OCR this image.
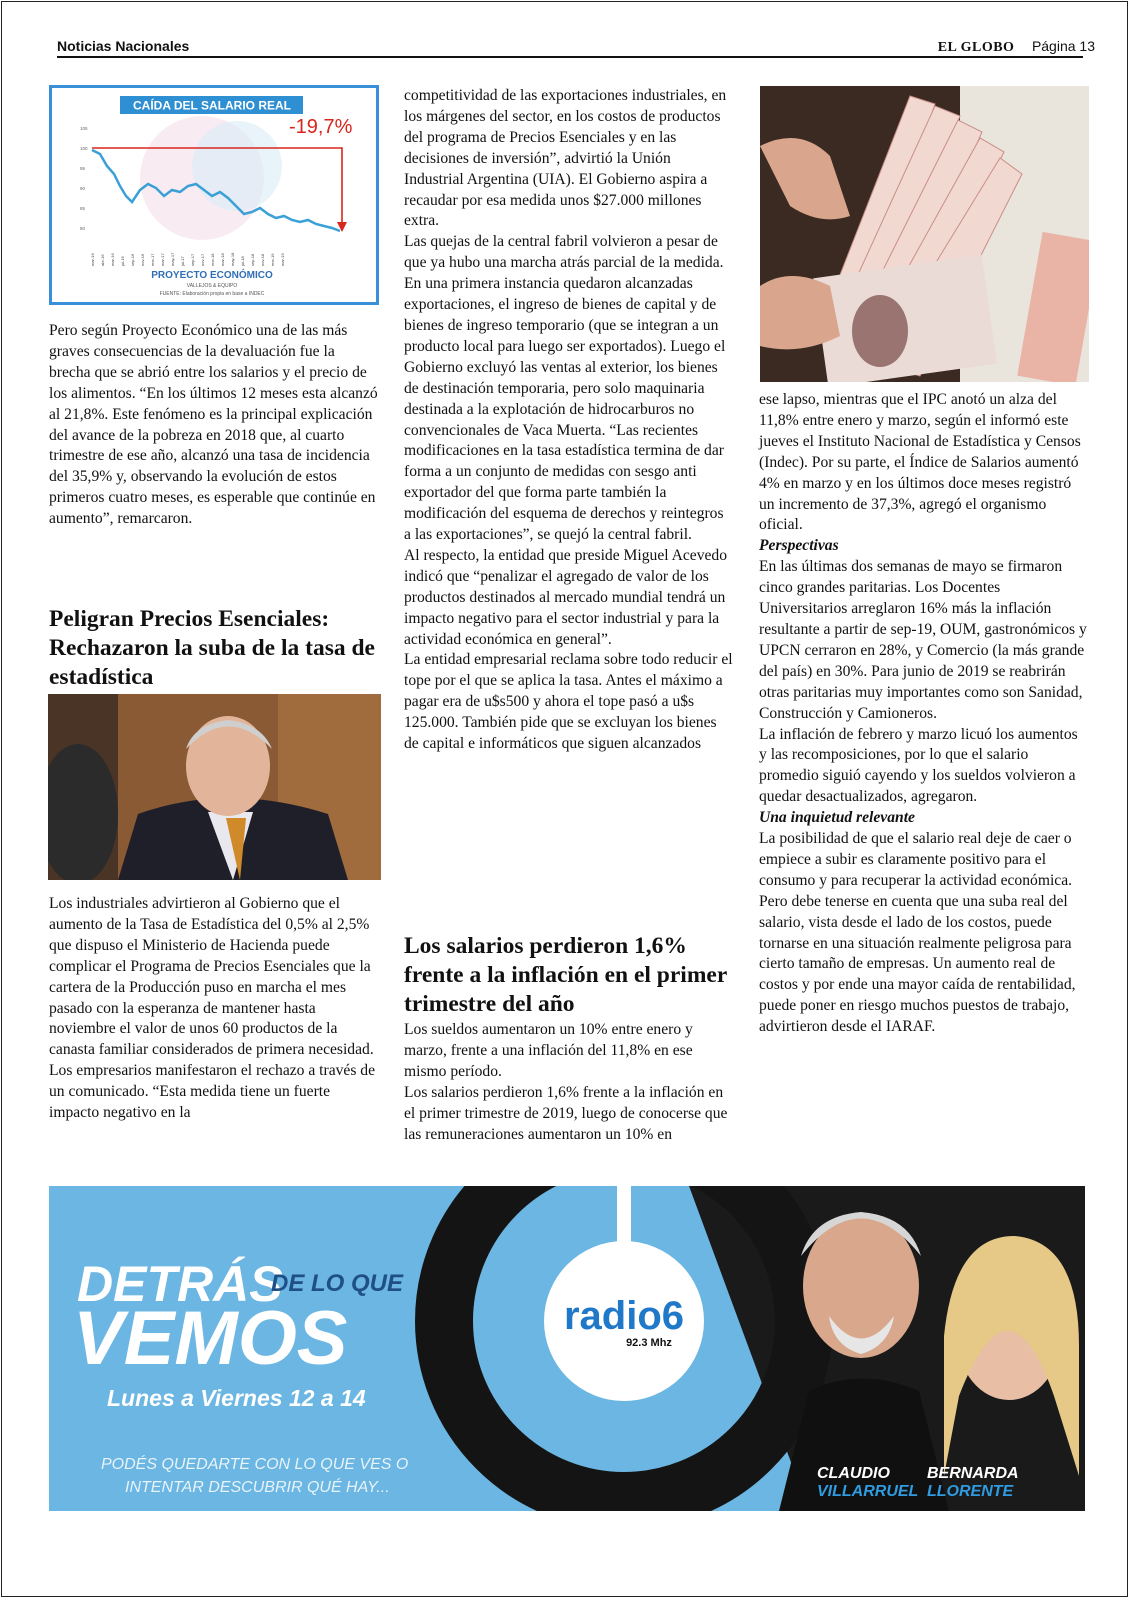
Noticias Nacionales	EL GLOBO Página 13
CAÍDA DEL SALARIO REAL
-19,7%
105
100
95
90
85
80
mar-16 abr-16 mar-16 jul-16 sep-16 nov-16 ene-17 mar-17 may-17 jul-17 sep-17 nov-17 ene-18 mar-18 may-18 jul-18 sep-18 nov-18 ene-19 mar-19
PROYECTO ECONÓMICO
VALLEJOS & EQUIPO
FUENTE: Elaboración propia en base a INDEC

Pero según Proyecto Económico una de las más graves consecuencias de la devaluación fue la brecha que se abrió entre los salarios y el precio de los alimentos. “En los últimos 12 meses esta alcanzó al 21,8%. Este fenómeno es la principal explicación del avance de la pobreza en 2018 que, al cuarto trimestre de ese año, alcanzó una tasa de incidencia del 35,9% y, observando la evolución de estos primeros cuatro meses, es esperable que continúe en aumento”, remarcaron.

Peligran Precios Esenciales: Rechazaron la suba de la tasa de estadística

Los industriales advirtieron al Gobierno que el aumento de la Tasa de Estadística del 0,5% al 2,5% que dispuso el Ministerio de Hacienda puede complicar el Programa de Precios Esenciales que la cartera de la Producción puso en marcha el mes pasado con la esperanza de mantener hasta noviembre el valor de unos 60 productos de la canasta familiar considerados de primera necesidad.

Los empresarios manifestaron el rechazo a través de un comunicado. “Esta medida tiene un fuerte impacto negativo en la

competitividad de las exportaciones industriales, en los márgenes del sector, en los costos de productos del programa de Precios Esenciales y en las decisiones de inversión”, advirtió la Unión Industrial Argentina (UIA). El Gobierno aspira a recaudar por esa medida unos $27.000 millones extra.

Las quejas de la central fabril volvieron a pesar de que ya hubo una marcha atrás parcial de la medida. En una primera instancia quedaron alcanzadas exportaciones, el ingreso de bienes de capital y de bienes de ingreso temporario (que se integran a un producto local para luego ser exportados). Luego el Gobierno excluyó las ventas al exterior, los bienes de destinación temporaria, pero solo maquinaria destinada a la explotación de hidrocarburos no convencionales de Vaca Muerta. “Las recientes modificaciones en la tasa estadística termina de dar forma a un conjunto de medidas con sesgo anti exportador del que forma parte también la modificación del esquema de derechos y reintegros a las exportaciones”, se quejó la central fabril.

Al respecto, la entidad que preside Miguel Acevedo indicó que “penalizar el agregado de valor de los productos destinados al mercado mundial tendrá un impacto negativo para el sector industrial y para la actividad económica en general”.

La entidad empresarial reclama sobre todo reducir el tope por el que se aplica la tasa. Antes el máximo a pagar era de u$s500 y ahora el tope pasó a u$s 125.000. También pide que se excluyan los bienes de capital e informáticos que siguen alcanzados

Los salarios perdieron 1,6% frente a la inflación en el primer trimestre del año

Los sueldos aumentaron un 10% entre enero y marzo, frente a una inflación del 11,8% en ese mismo período.

Los salarios perdieron 1,6% frente a la inflación en el primer trimestre de 2019, luego de conocerse que las remuneraciones aumentaron un 10% en

ese lapso, mientras que el IPC anotó un alza del 11,8% entre enero y marzo, según el informó este jueves el Instituto Nacional de Estadística y Censos (Indec). Por su parte, el Índice de Salarios aumentó 4% en marzo y en los últimos doce meses registró un incremento de 37,3%, agregó el organismo oficial.

Perspectivas

En las últimas dos semanas de mayo se firmaron cinco grandes paritarias. Los Docentes Universitarios arreglaron 16% más la inflación resultante a partir de sep-19, OUM, gastronómicos y UPCN cerraron en 28%, y Comercio (la más grande del país) en 30%. Para junio de 2019 se reabrirán otras paritarias muy importantes como son Sanidad, Construcción y Camioneros.

La inflación de febrero y marzo licuó los aumentos y las recomposiciones, por lo que el salario promedio siguió cayendo y los sueldos volvieron a quedar desactualizados, agregaron.

Una inquietud relevante

La posibilidad de que el salario real deje de caer o empiece a subir es claramente positivo para el consumo y para recuperar la actividad económica. Pero debe tenerse en cuenta que una suba real del salario, vista desde el lado de los costos, puede tornarse en una situación realmente peligrosa para cierto tamaño de empresas. Un aumento real de costos y por ende una mayor caída de rentabilidad, puede poner en riesgo muchos puestos de trabajo, advirtieron desde el IARAF.

radio6
92.3 Mhz
DETRÁS
DE LO QUE
VEMOS
Lunes a Viernes 12 a 14
PODÉS QUEDARTE CON LO QUE VES O
INTENTAR DESCUBRIR QUÉ HAY...
CLAUDIO
VILLARRUEL
BERNARDA
LLORENTE
